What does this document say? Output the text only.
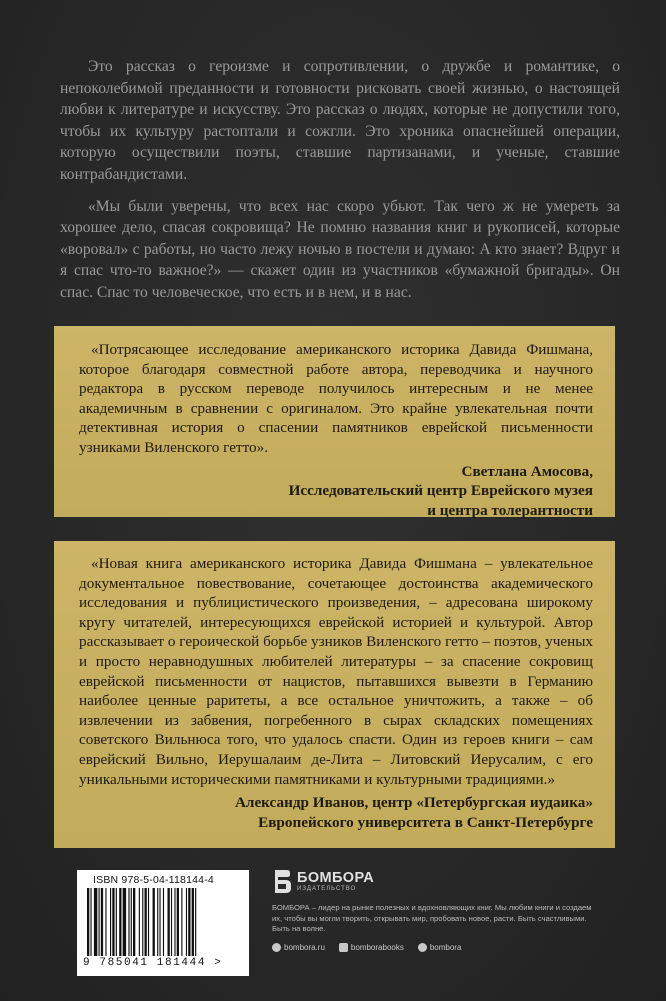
Это рассказ о героизме и сопротивлении, о дружбе и романтике, о непоколебимой преданности и готовности рисковать своей жизнью, о настоящей любви к литературе и искусству. Это рассказ о людях, которые не допустили того, чтобы их культуру растоптали и сожгли. Это хроника опаснейшей операции, которую осуществили поэты, ставшие партизанами, и ученые, ставшие контрабандистами.

«Мы были уверены, что всех нас скоро убьют. Так чего ж не умереть за хорошее дело, спасая сокровища? Не помню названия книг и рукописей, которые «воровал» с работы, но часто лежу ночью в постели и думаю: А кто знает? Вдруг и я спас что-то важное?» — скажет один из участников «бумажной бригады». Он спас. Спас то человеческое, что есть и в нем, и в нас.

«Потрясающее исследование американского историка Давида Фишмана, которое благодаря совместной работе автора, переводчика и научного редактора в русском переводе получилось интересным и не менее академичным в сравнении с оригиналом. Это крайне увлекательная почти детективная история о спасении памятников еврейской письменности узниками Виленского гетто».

Светлана Амосова,
Исследовательский центр Еврейского музея
и центра толерантности

«Новая книга американского историка Давида Фишмана – увлекательное документальное повествование, сочетающее достоинства академического исследования и публицистического произведения, – адресована широкому кругу читателей, интересующихся еврейской историей и культурой. Автор рассказывает о героической борьбе узников Виленского гетто – поэтов, ученых и просто неравнодушных любителей литературы – за спасение сокровищ еврейской письменности от нацистов, пытавшихся вывезти в Германию наиболее ценные раритеты, а все остальное уничтожить, а также – об извлечении из забвения, погребенного в сырах складских помещениях советского Вильнюса того, что удалось спасти. Один из героев книги – сам еврейский Вильно, Иерушалаим де-Лита – Литовский Иерусалим, с его уникальными историческими памятниками и культурными традициями.»

Александр Иванов, центр «Петербургская иудаика»
Европейского университета в Санкт-Петербурге
ISBN 978-5-04-118144-4
9 785041 181444 >
БОМБОРА
ИЗДАТЕЛЬСТВО
БОМБОРА – лидер на рынке полезных и вдохновляющих книг. Мы любим книги и создаем их, чтобы вы могли творить, открывать мир, пробовать новое, расти. Быть счастливыми. Быть на волне.
bombora.ru	bomborabooks	bombora
